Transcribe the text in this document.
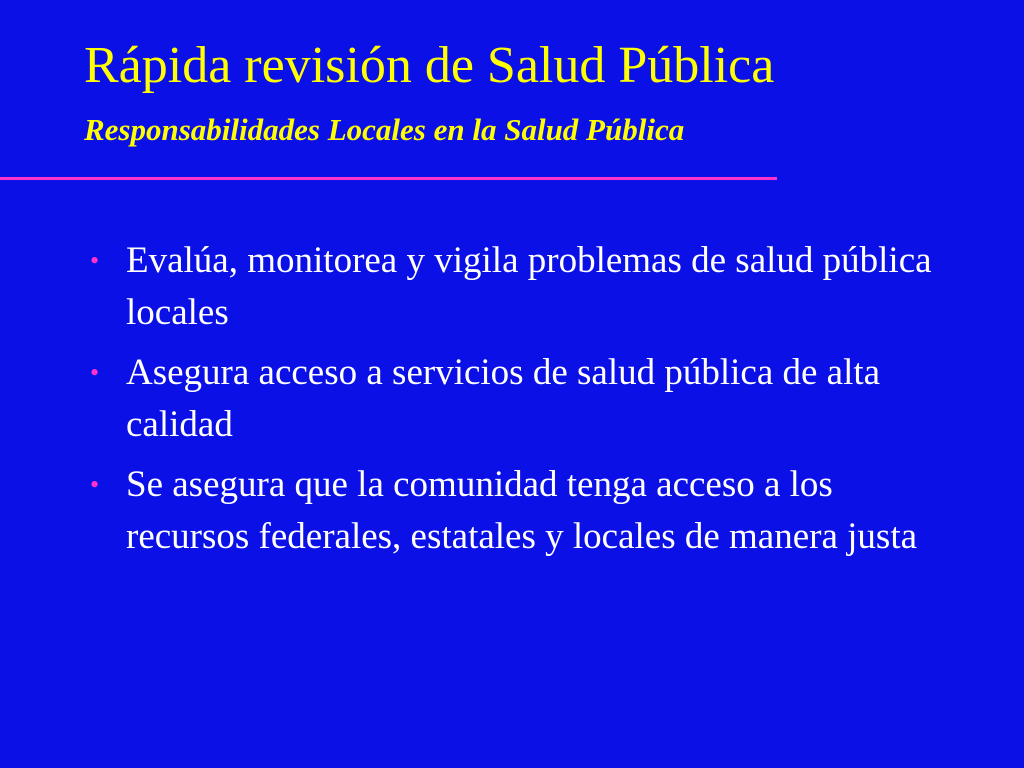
Rápida revisión de Salud Pública
Responsabilidades Locales en la Salud Pública
• Evalúa, monitorea y vigila problemas de salud pública locales
• Asegura acceso a servicios de salud pública de alta calidad
• Se asegura que la comunidad tenga acceso a los recursos federales, estatales y locales de manera justa
